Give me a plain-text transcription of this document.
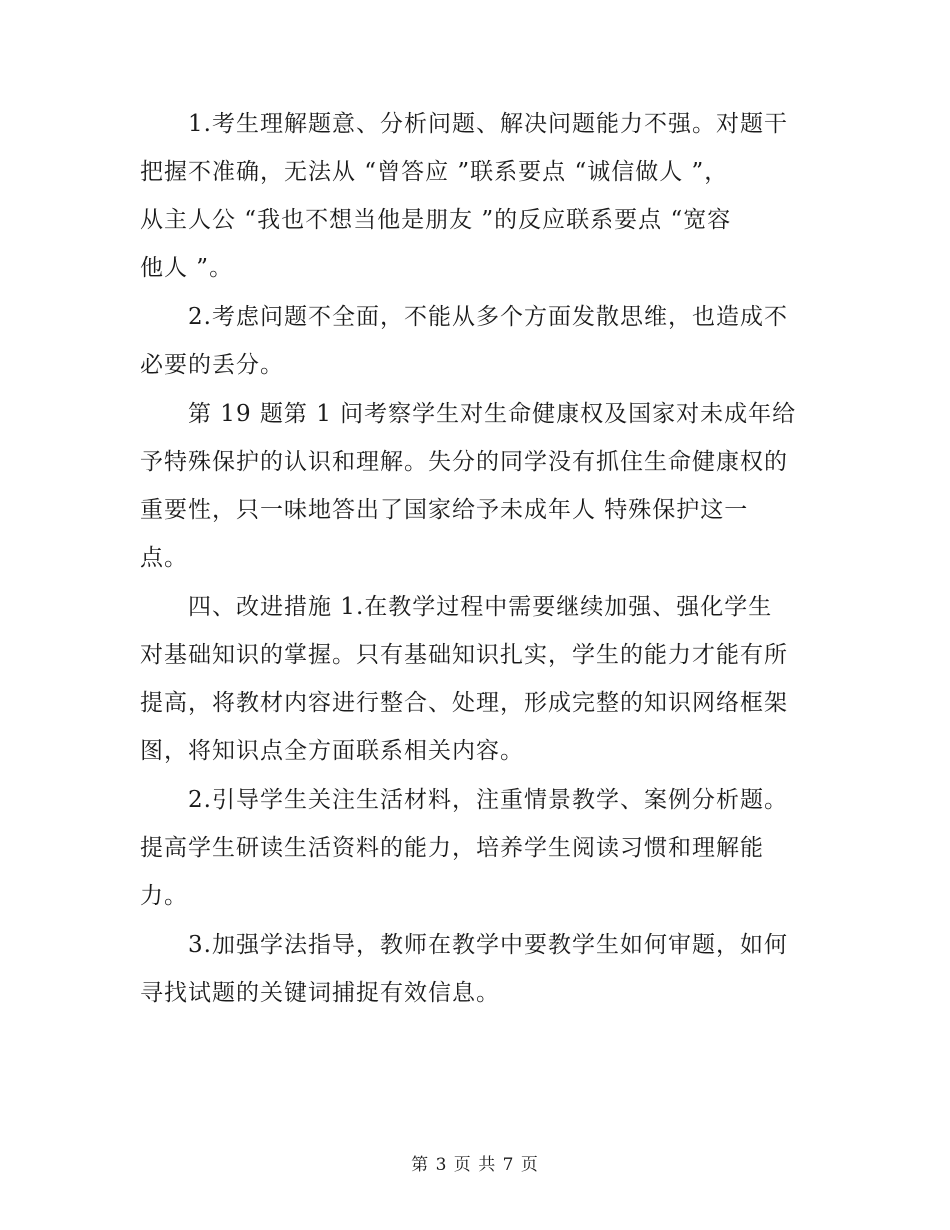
　　1.考生理解题意、分析问题、解决问题能力不强。对题干
把握不准确，无法从 “曾答应 ”联系要点 “诚信做人 ”，
从主人公 “我也不想当他是朋友 ”的反应联系要点 “宽容
他人 ”。
　　2.考虑问题不全面，不能从多个方面发散思维，也造成不
必要的丢分。
　　第 19 题第 1 问考察学生对生命健康权及国家对未成年给
予特殊保护的认识和理解。失分的同学没有抓住生命健康权的
重要性，只一味地答出了国家给予未成年人 特殊保护这一
点。
　　四、改进措施 1.在教学过程中需要继续加强、强化学生
对基础知识的掌握。只有基础知识扎实，学生的能力才能有所
提高，将教材内容进行整合、处理，形成完整的知识网络框架
图，将知识点全方面联系相关内容。
　　2.引导学生关注生活材料，注重情景教学、案例分析题。
提高学生研读生活资料的能力，培养学生阅读习惯和理解能
力。
　　3.加强学法指导，教师在教学中要教学生如何审题，如何
寻找试题的关键词捕捉有效信息。
第 3 页 共 7 页
